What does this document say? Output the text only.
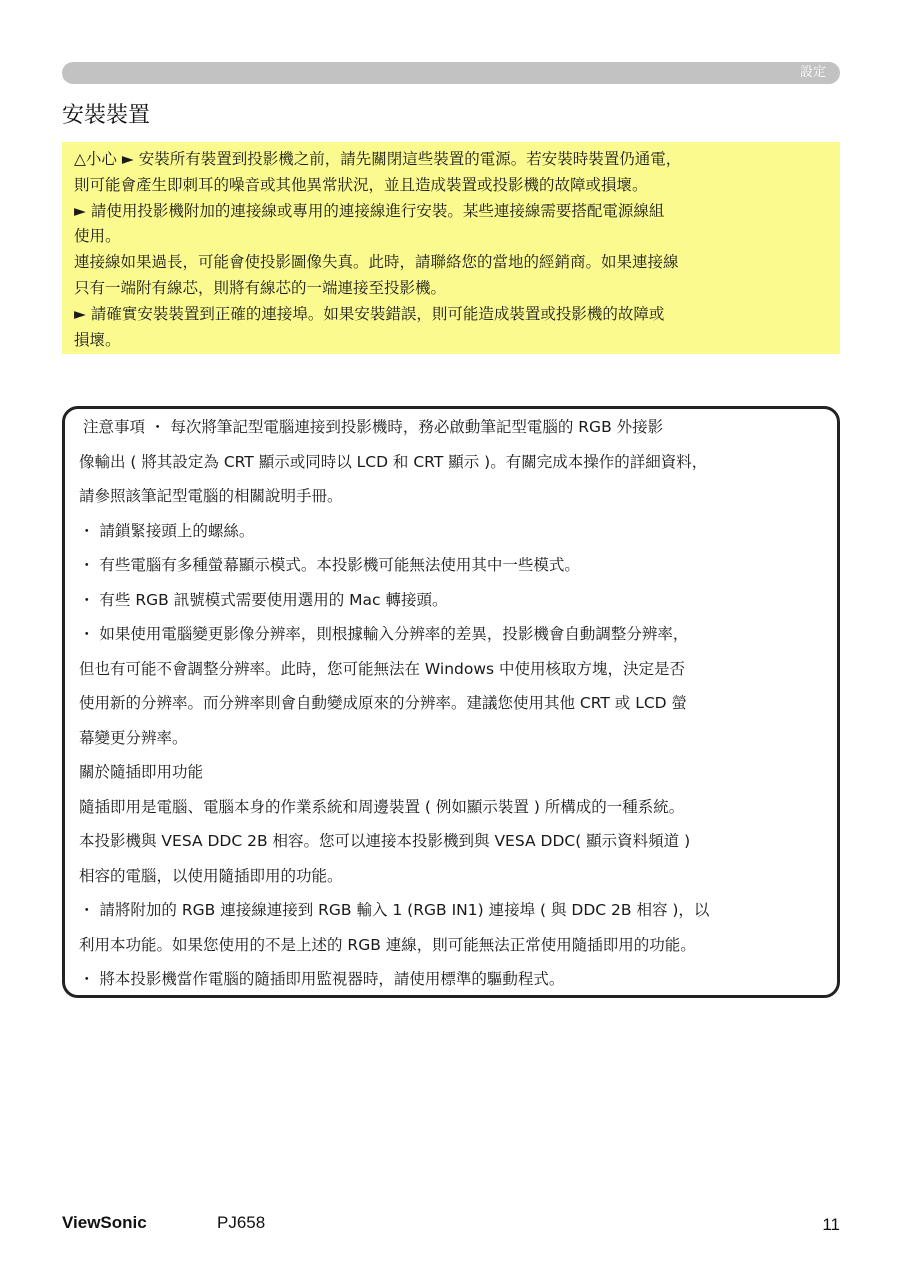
設定
安裝裝置

△小心 ► 安裝所有裝置到投影機之前，請先關閉這些裝置的電源。若安裝時裝置仍通電，

則可能會產生即刺耳的噪音或其他異常狀況，並且造成裝置或投影機的故障或損壞。

► 請使用投影機附加的連接線或專用的連接線進行安裝。某些連接線需要搭配電源線組

使用。

連接線如果過長，可能會使投影圖像失真。此時，請聯絡您的當地的經銷商。如果連接線

只有一端附有線芯，則將有線芯的一端連接至投影機。

► 請確實安裝裝置到正確的連接埠。如果安裝錯誤，則可能造成裝置或投影機的故障或

損壞。

注意事項 ・ 每次將筆記型電腦連接到投影機時，務必啟動筆記型電腦的 RGB 外接影

像輸出 ( 將其設定為 CRT 顯示或同時以 LCD 和 CRT 顯示 )。有關完成本操作的詳細資料，

請參照該筆記型電腦的相關說明手冊。

・ 請鎖緊接頭上的螺絲。

・ 有些電腦有多種螢幕顯示模式。本投影機可能無法使用其中一些模式。

・ 有些 RGB 訊號模式需要使用選用的 Mac 轉接頭。

・ 如果使用電腦變更影像分辨率，則根據輸入分辨率的差異，投影機會自動調整分辨率，

但也有可能不會調整分辨率。此時，您可能無法在 Windows 中使用核取方塊，決定是否

使用新的分辨率。而分辨率則會自動變成原來的分辨率。建議您使用其他 CRT 或 LCD 螢

幕變更分辨率。

關於隨插即用功能

隨插即用是電腦、電腦本身的作業系統和周邊裝置 ( 例如顯示裝置 ) 所構成的一種系統。

本投影機與 VESA DDC 2B 相容。您可以連接本投影機到與 VESA DDC( 顯示資料頻道 )

相容的電腦，以使用隨插即用的功能。

・ 請將附加的 RGB 連接線連接到 RGB 輸入 1 (RGB IN1) 連接埠 ( 與 DDC 2B 相容 )，以

利用本功能。如果您使用的不是上述的 RGB 連線，則可能無法正常使用隨插即用的功能。

・ 將本投影機當作電腦的隨插即用監視器時，請使用標準的驅動程式。

ViewSonic	PJ658	11
